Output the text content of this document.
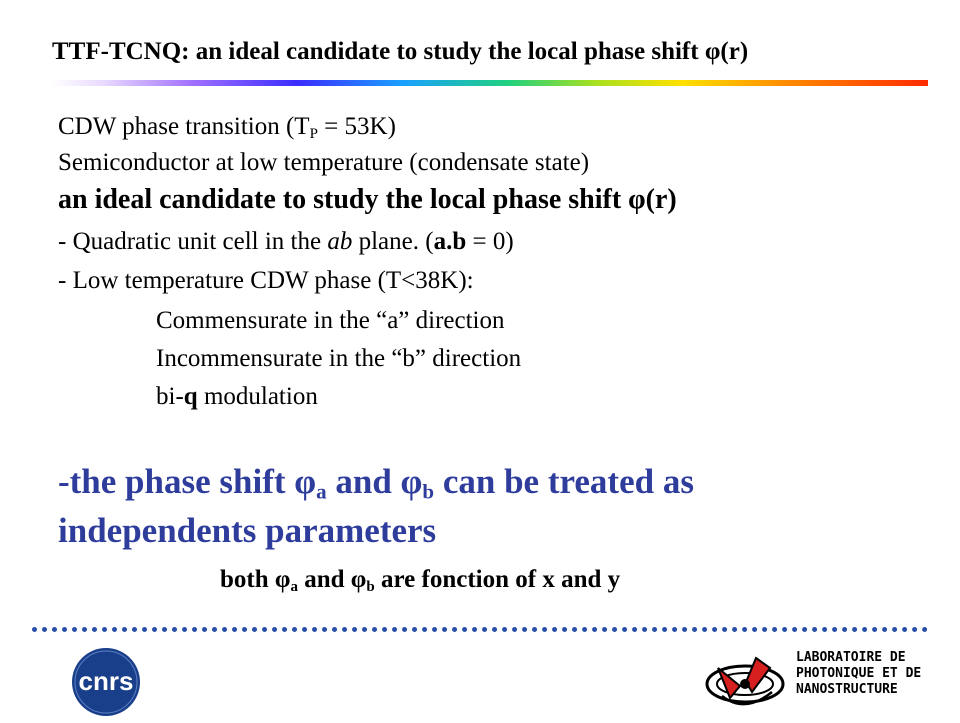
TTF-TCNQ: an ideal candidate to study the local phase shift φ(r)
CDW phase transition $(T_P = 53K)$
Semiconductor at low temperature (condensate state)
an ideal candidate to study the local phase shift φ(r)
- Quadratic unit cell in the ab plane. (a.b = 0)
- Low temperature CDW phase (T<38K):
Commensurate in the “a” direction
Incommensurate in the “b” direction
bi-q modulation
-the phase shift $\varphi_a$ and $\varphi_b$ can be treated as
independents parameters
both $\varphi_a$ and $\varphi_b$ are fonction of x and y
cnrs
LABORATOIRE DE
PHOTONIQUE ET DE
NANOSTRUCTURE
